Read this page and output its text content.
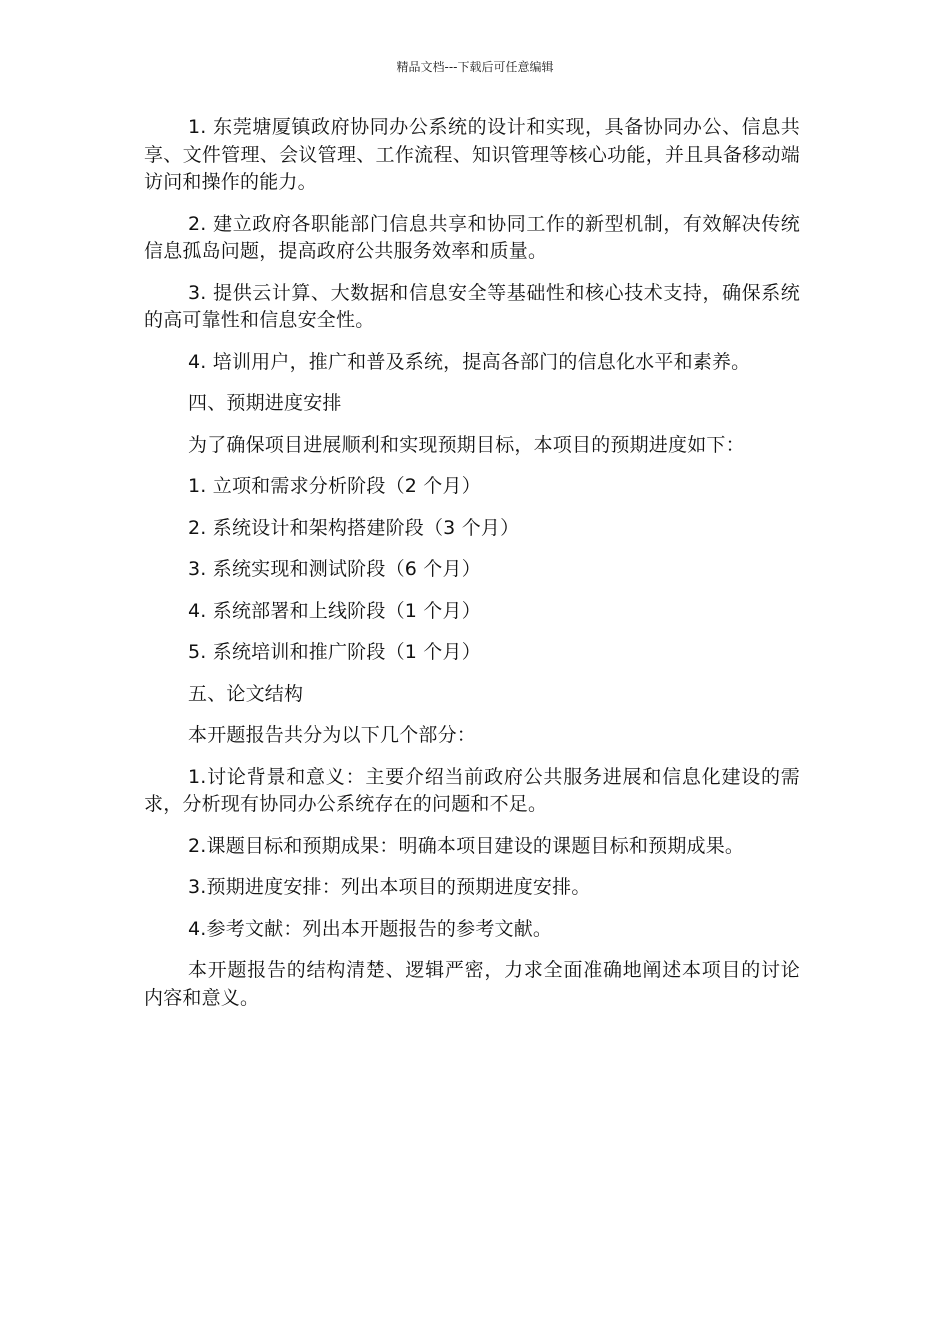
精品文档---下载后可任意编辑

1. 东莞塘厦镇政府协同办公系统的设计和实现，具备协同办公、信息共享、文件管理、会议管理、工作流程、知识管理等核心功能，并且具备移动端访问和操作的能力。

2. 建立政府各职能部门信息共享和协同工作的新型机制，有效解决传统信息孤岛问题，提高政府公共服务效率和质量。

3. 提供云计算、大数据和信息安全等基础性和核心技术支持，确保系统的高可靠性和信息安全性。

4. 培训用户，推广和普及系统，提高各部门的信息化水平和素养。

四、预期进度安排

为了确保项目进展顺利和实现预期目标，本项目的预期进度如下：

1. 立项和需求分析阶段（2 个月）

2. 系统设计和架构搭建阶段（3 个月）

3. 系统实现和测试阶段（6 个月）

4. 系统部署和上线阶段（1 个月）

5. 系统培训和推广阶段（1 个月）

五、论文结构

本开题报告共分为以下几个部分：

1.讨论背景和意义：主要介绍当前政府公共服务进展和信息化建设的需求，分析现有协同办公系统存在的问题和不足。

2.课题目标和预期成果：明确本项目建设的课题目标和预期成果。

3.预期进度安排：列出本项目的预期进度安排。

4.参考文献：列出本开题报告的参考文献。

本开题报告的结构清楚、逻辑严密，力求全面准确地阐述本项目的讨论内容和意义。
